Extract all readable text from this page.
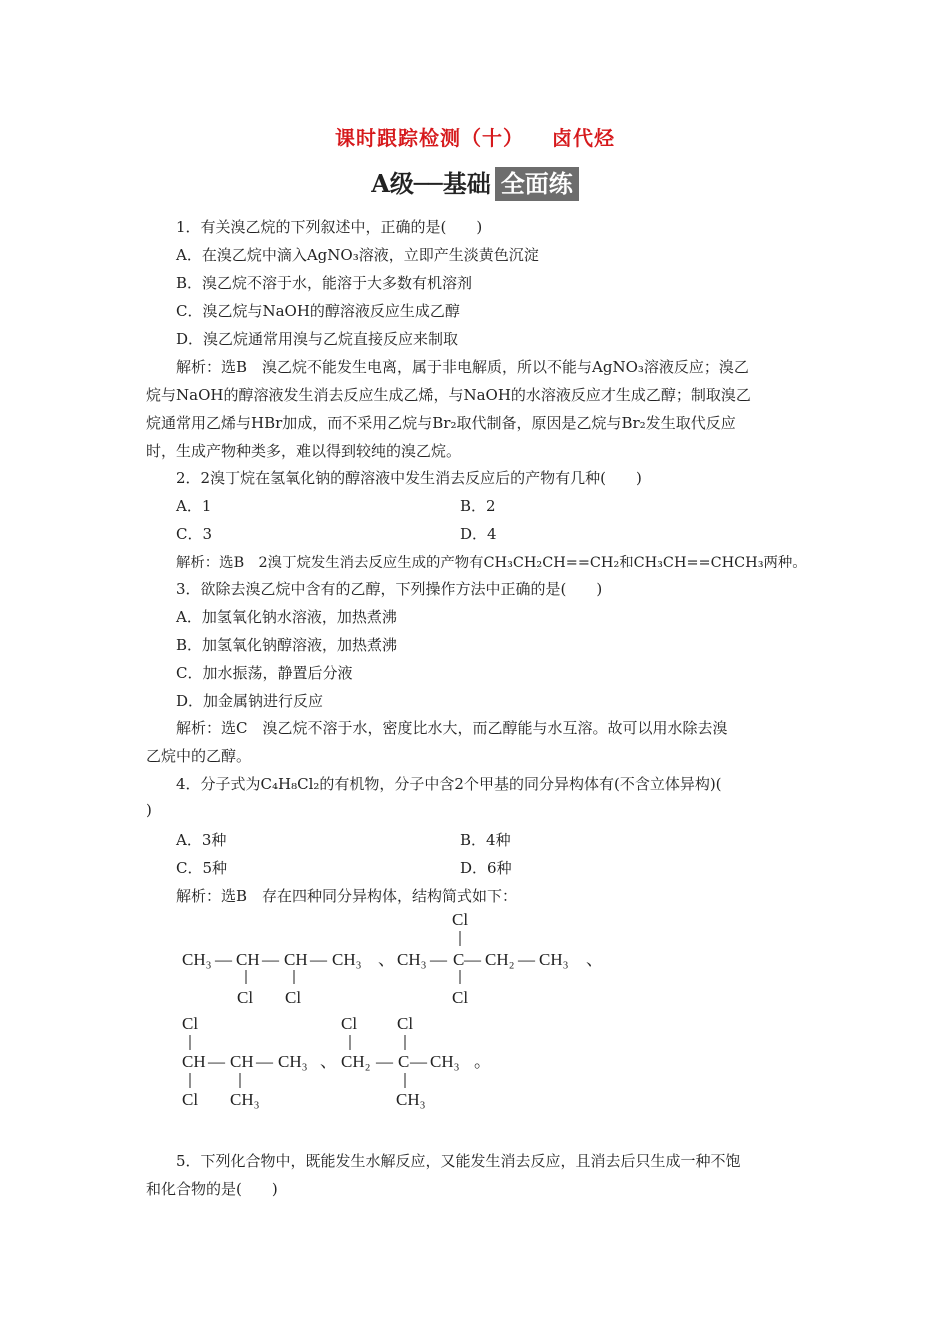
课时跟踪检测（十） 卤代烃
A级──基础 全面练
1．有关溴乙烷的下列叙述中，正确的是(　　)
A．在溴乙烷中滴入AgNO₃溶液，立即产生淡黄色沉淀
B．溴乙烷不溶于水，能溶于大多数有机溶剂
C．溴乙烷与NaOH的醇溶液反应生成乙醇
D．溴乙烷通常用溴与乙烷直接反应来制取
解析：选B　溴乙烷不能发生电离，属于非电解质，所以不能与AgNO₃溶液反应；溴乙
烷与NaOH的醇溶液发生消去反应生成乙烯，与NaOH的水溶液反应才生成乙醇；制取溴乙
烷通常用乙烯与HBr加成，而不采用乙烷与Br₂取代制备，原因是乙烷与Br₂发生取代反应
时，生成产物种类多，难以得到较纯的溴乙烷。
2．2溴丁烷在氢氧化钠的醇溶液中发生消去反应后的产物有几种(　　)
A．1	B．2
C．3	D．4
解析：选B　2溴丁烷发生消去反应生成的产物有CH₃CH₂CH==CH₂和CH₃CH==CHCH₃两种。
3．欲除去溴乙烷中含有的乙醇，下列操作方法中正确的是(　　)
A．加氢氧化钠水溶液，加热煮沸
B．加氢氧化钠醇溶液，加热煮沸
C．加水振荡，静置后分液
D．加金属钠进行反应
解析：选C　溴乙烷不溶于水，密度比水大，而乙醇能与水互溶。故可以用水除去溴
乙烷中的乙醇。
4．分子式为C₄H₈Cl₂的有机物，分子中含2个甲基的同分异构体有(不含立体异构)(
)
A．3种	B．4种
C．5种	D．6种
解析：选B　存在四种同分异构体，结构简式如下：
CH₃ — CH — CH — CH₃
Cl Cl
、
Cl
CH₃ — C — CH₂ — CH₃
Cl
、
Cl
CH — CH — CH₃
Cl CH₃
、
Cl Cl
CH₂ — C — CH₃
CH₃
。
5．下列化合物中，既能发生水解反应，又能发生消去反应，且消去后只生成一种不饱
和化合物的是(　　)
